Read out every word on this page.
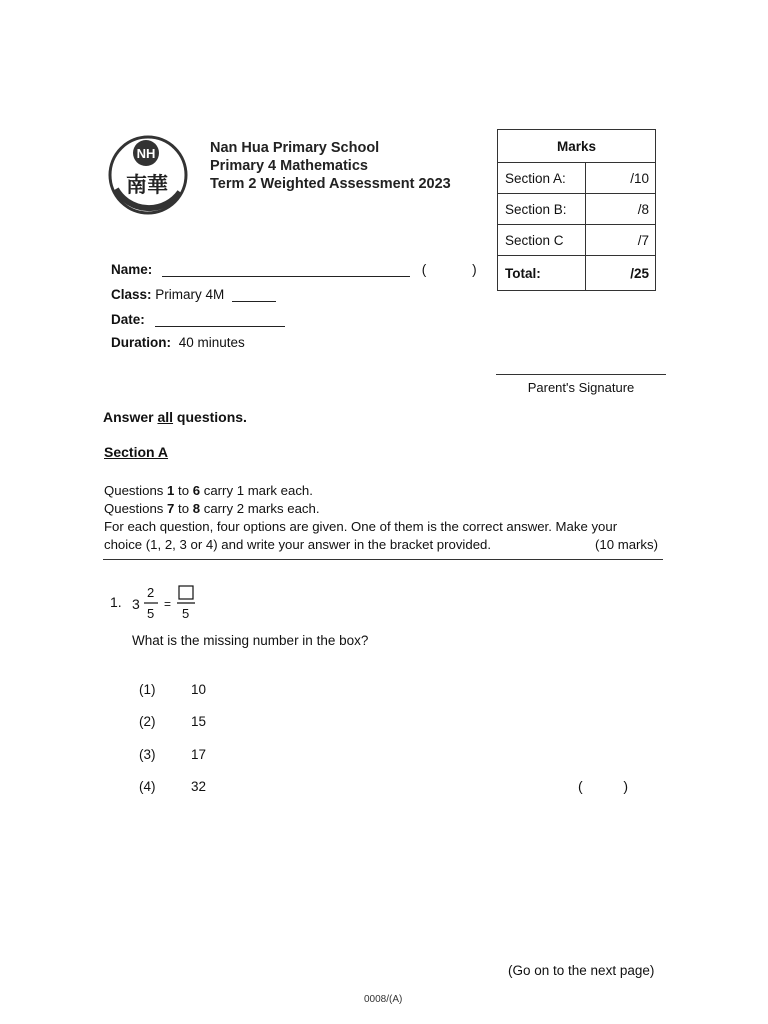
NH
南華
Nan Hua Primary School
Primary 4 Mathematics
Term 2 Weighted Assessment 2023
Marks	
Section A:	/10
Section B:	/8
Section C	/7
Total:	/25
Name:	(	)
Class: Primary 4M
Date:
Duration: 40 minutes
Parent's Signature
Answer all questions.
Section A
Questions 1 to 6 carry 1 mark each.
Questions 7 to 8 carry 2 marks each.
For each question, four options are given. One of them is the correct answer. Make your
choice (1, 2, 3 or 4) and write your answer in the bracket provided.	(10 marks)
1. 3
2
5
=
5
What is the missing number in the box?
(1)	10
(2)	15
(3)	17
(4)	32	(	)
(Go on to the next page)
0008/(A)
